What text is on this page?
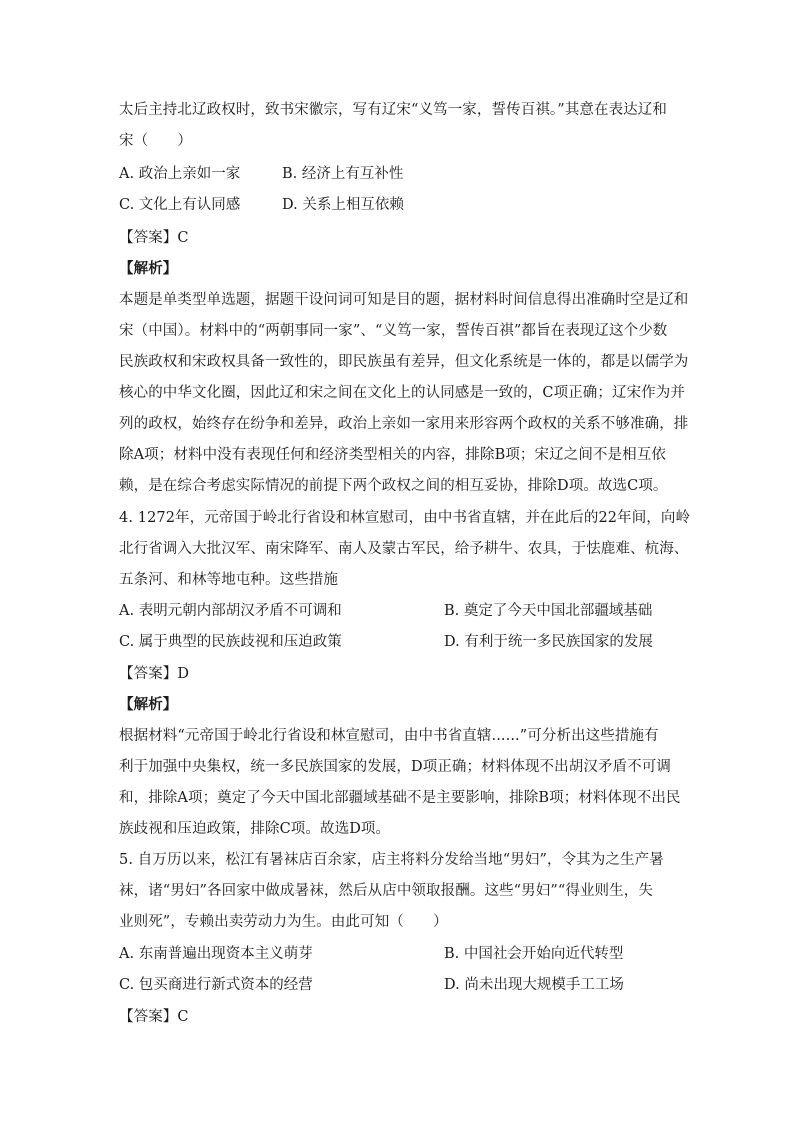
太后主持北辽政权时，致书宋徽宗，写有辽宋“义笃一家，誓传百祺。”其意在表达辽和
宋（　　）
A. 政治上亲如一家	B. 经济上有互补性
C. 文化上有认同感	D. 关系上相互依赖
【答案】C
【解析】
本题是单类型单选题，据题干设问词可知是目的题，据材料时间信息得出准确时空是辽和
宋（中国）。材料中的“两朝事同一家”、“义笃一家，誓传百祺”都旨在表现辽这个少数
民族政权和宋政权具备一致性的，即民族虽有差异，但文化系统是一体的，都是以儒学为
核心的中华文化圈，因此辽和宋之间在文化上的认同感是一致的，C项正确；辽宋作为并
列的政权，始终存在纷争和差异，政治上亲如一家用来形容两个政权的关系不够准确，排
除A项；材料中没有表现任何和经济类型相关的内容，排除B项；宋辽之间不是相互依
赖，是在综合考虑实际情况的前提下两个政权之间的相互妥协，排除D项。故选C项。
4. 1272年，元帝国于岭北行省设和林宣慰司，由中书省直辖，并在此后的22年间，向岭
北行省调入大批汉军、南宋降军、南人及蒙古军民，给予耕牛、农具，于怯鹿难、杭海、
五条河、和林等地屯种。这些措施
A. 表明元朝内部胡汉矛盾不可调和	B. 奠定了今天中国北部疆域基础
C. 属于典型的民族歧视和压迫政策	D. 有利于统一多民族国家的发展
【答案】D
【解析】
根据材料“元帝国于岭北行省设和林宣慰司，由中书省直辖......”可分析出这些措施有
利于加强中央集权，统一多民族国家的发展，D项正确；材料体现不出胡汉矛盾不可调
和，排除A项；奠定了今天中国北部疆域基础不是主要影响，排除B项；材料体现不出民
族歧视和压迫政策，排除C项。故选D项。
5. 自万历以来，松江有暑袜店百余家，店主将料分发给当地“男妇”，令其为之生产暑
袜，诸“男妇”各回家中做成暑袜，然后从店中领取报酬。这些“男妇”“得业则生，失
业则死”，专赖出卖劳动力为生。由此可知（　　）
A. 东南普遍出现资本主义萌芽	B. 中国社会开始向近代转型
C. 包买商进行新式资本的经营	D. 尚未出现大规模手工工场
【答案】C
